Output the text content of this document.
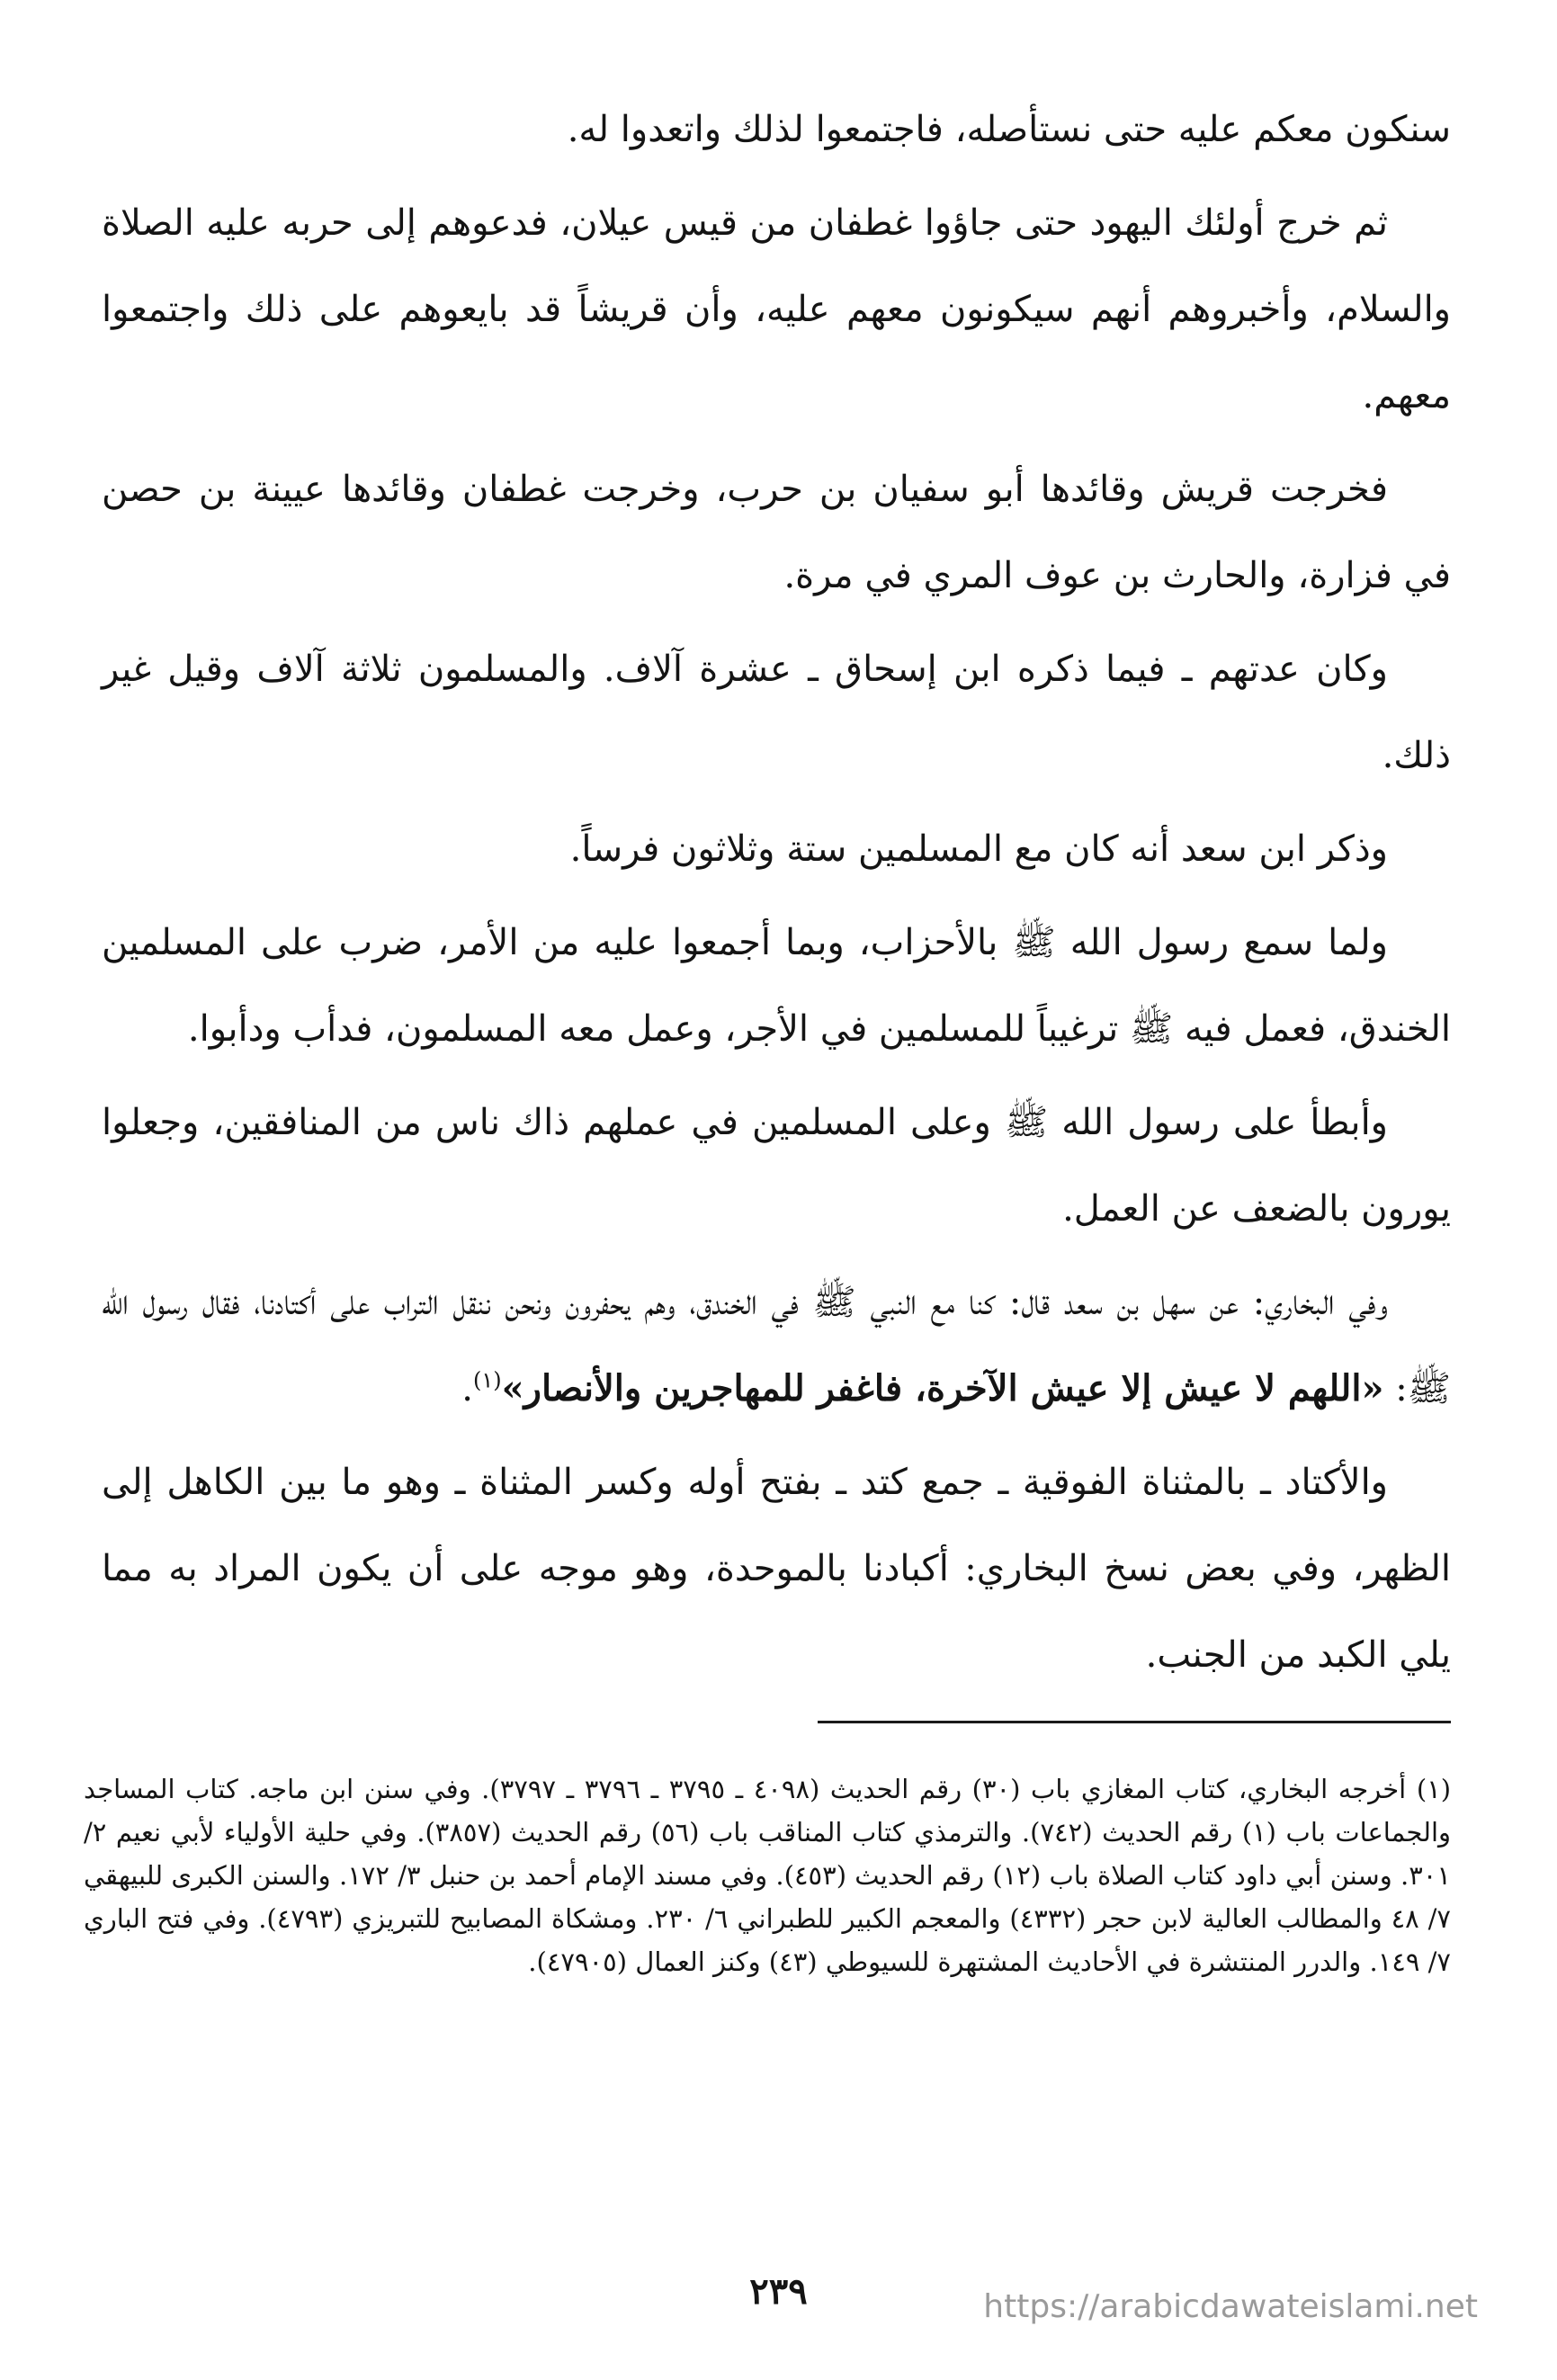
سنكون معكم عليه حتى نستأصله، فاجتمعوا لذلك واتعدوا له.

ثم خرج أولئك اليهود حتى جاؤوا غطفان من قيس عيلان، فدعوهم إلى حربه عليه الصلاة والسلام، وأخبروهم أنهم سيكونون معهم عليه، وأن قريشاً قد بايعوهم على ذلك واجتمعوا معهم.

فخرجت قريش وقائدها أبو سفيان بن حرب، وخرجت غطفان وقائدها عيينة بن حصن في فزارة، والحارث بن عوف المري في مرة.

وكان عدتهم ـ فيما ذكره ابن إسحاق ـ عشرة آلاف. والمسلمون ثلاثة آلاف وقيل غير ذلك.

وذكر ابن سعد أنه كان مع المسلمين ستة وثلاثون فرساً.

ولما سمع رسول الله ﷺ بالأحزاب، وبما أجمعوا عليه من الأمر، ضرب على المسلمين الخندق، فعمل فيه ﷺ ترغيباً للمسلمين في الأجر، وعمل معه المسلمون، فدأب ودأبوا.

وأبطأ على رسول الله ﷺ وعلى المسلمين في عملهم ذاك ناس من المنافقين، وجعلوا يورون بالضعف عن العمل.

وفي البخاري: عن سهل بن سعد قال: كنا مع النبي ﷺ في الخندق، وهم يحفرون ونحن ننقل التراب على أكتادنا، فقال رسول الله ﷺ: «اللهم لا عيش إلا عيش الآخرة، فاغفر للمهاجرين والأنصار»$^{(١)}$.

والأكتاد ـ بالمثناة الفوقية ـ جمع كتد ـ بفتح أوله وكسر المثناة ـ وهو ما بين الكاهل إلى الظهر، وفي بعض نسخ البخاري: أكبادنا بالموحدة، وهو موجه على أن يكون المراد به مما يلي الكبد من الجنب.

(١) أخرجه البخاري، كتاب المغازي باب (٣٠) رقم الحديث (٤٠٩٨ ـ ٣٧٩٥ ـ ٣٧٩٦ ـ ٣٧٩٧). وفي سنن ابن ماجه. كتاب المساجد والجماعات باب (١) رقم الحديث (٧٤٢). والترمذي كتاب المناقب باب (٥٦) رقم الحديث (٣٨٥٧). وفي حلية الأولياء لأبي نعيم ٢/ ٣٠١. وسنن أبي داود كتاب الصلاة باب (١٢) رقم الحديث (٤٥٣). وفي مسند الإمام أحمد بن حنبل ٣/ ١٧٢. والسنن الكبرى للبيهقي ٧/ ٤٨ والمطالب العالية لابن حجر (٤٣٣٢) والمعجم الكبير للطبراني ٦/ ٢٣٠. ومشكاة المصابيح للتبريزي (٤٧٩٣). وفي فتح الباري ٧/ ١٤٩. والدرر المنتشرة في الأحاديث المشتهرة للسيوطي (٤٣) وكنز العمال (٤٧٩٠٥).

٢٣٩	https://arabicdawateislami.net
